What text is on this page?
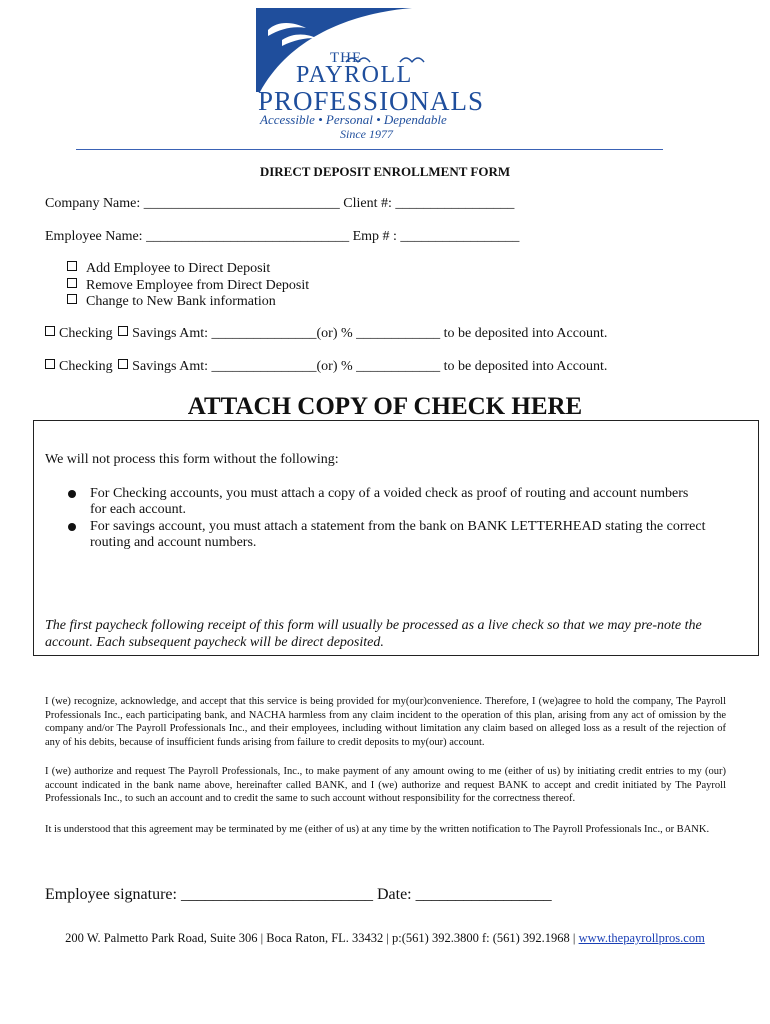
THE
PAYROLL
PROFESSIONALS
Accessible • Personal • Dependable
Since 1977
DIRECT DEPOSIT ENROLLMENT FORM
Company Name: ____________________________ Client #: _________________
Employee Name: _____________________________ Emp # : _________________
Add Employee to Direct Deposit
Remove Employee from Direct Deposit
Change to New Bank information
Checking Savings Amt: _______________(or) % ____________ to be deposited into Account.
Checking Savings Amt: _______________(or) % ____________ to be deposited into Account.
ATTACH COPY OF CHECK HERE
We will not process this form without the following:
For Checking accounts, you must attach a copy of a voided check as proof of routing and account numbers for each account.
For savings account, you must attach a statement from the bank on BANK LETTERHEAD stating the correct routing and account numbers.
The first paycheck following receipt of this form will usually be processed as a live check so that we may pre-note the account. Each subsequent paycheck will be direct deposited.
I (we) recognize, acknowledge, and accept that this service is being provided for my(our)convenience. Therefore, I (we)agree to hold the company, The Payroll Professionals Inc., each participating bank, and NACHA harmless from any claim incident to the operation of this plan, arising from any act of omission by the company and/or The Payroll Professionals Inc., and their employees, including without limitation any claim based on alleged loss as a result of the rejection of any of his debits, because of insufficient funds arising from failure to credit deposits to my(our) account.
I (we) authorize and request The Payroll Professionals, Inc., to make payment of any amount owing to me (either of us) by initiating credit entries to my (our) account indicated in the bank name above, hereinafter called BANK, and I (we) authorize and request BANK to accept and credit initiated by The Payroll Professionals Inc., to such an account and to credit the same to such account without responsibility for the correctness thereof.
It is understood that this agreement may be terminated by me (either of us) at any time by the written notification to The Payroll Professionals Inc., or BANK.
Employee signature: ________________________ Date: _________________
200 W. Palmetto Park Road, Suite 306 | Boca Raton, FL. 33432 | p:(561) 392.3800 f: (561) 392.1968 | www.thepayrollpros.com
